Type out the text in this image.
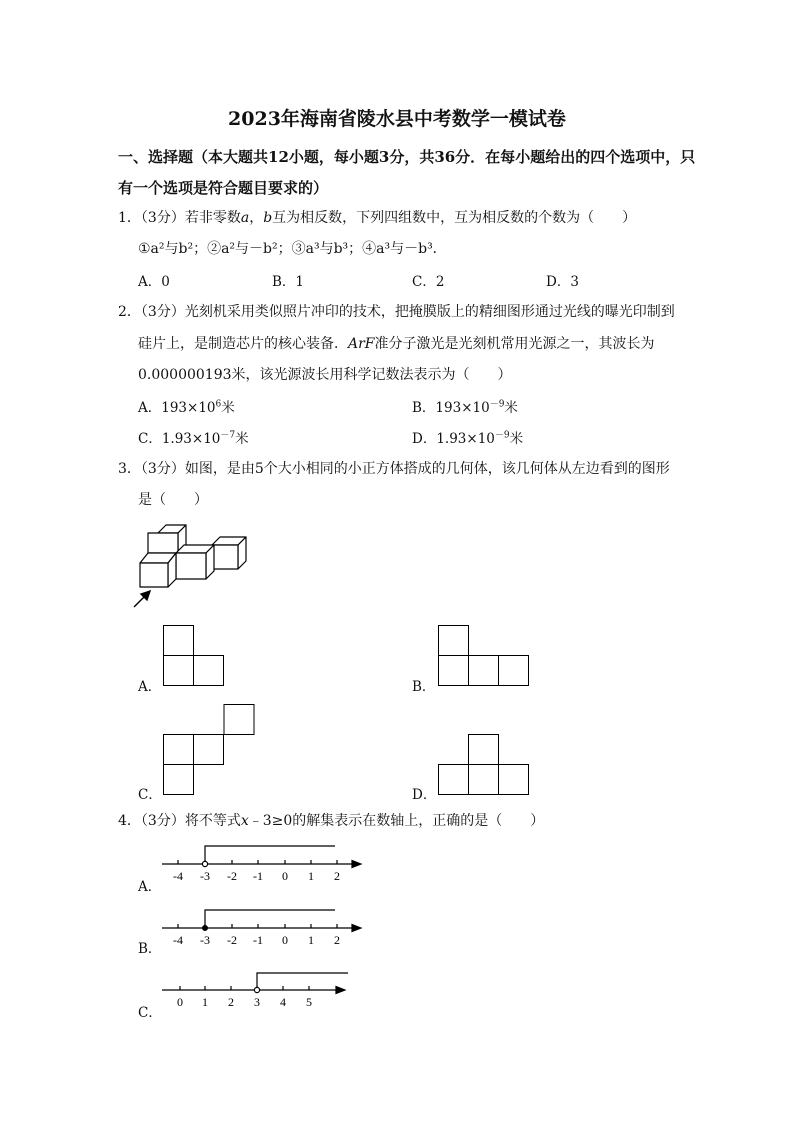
2023年海南省陵水县中考数学一模试卷
一、选择题（本大题共12小题，每小题3分，共36分．在每小题给出的四个选项中，只
有一个选项是符合题目要求的）
1．（3分）若非零数a，b互为相反数，下列四组数中，互为相反数的个数为（　　）
①a²与b²；②a²与－b²；③a³与b³；④a³与－b³．
A．0	B．1	C．2	D．3
2．（3分）光刻机采用类似照片冲印的技术，把掩膜版上的精细图形通过光线的曝光印制到
硅片上，是制造芯片的核心装备．ArF准分子激光是光刻机常用光源之一，其波长为
0.000000193米，该光源波长用科学记数法表示为（　　）
A．$193\times 10^6$米	B．$193\times 10^{-9}$米
C．$1.93\times 10^{-7}$米	D．$1.93\times 10^{-9}$米
3．（3分）如图，是由5个大小相同的小正方体搭成的几何体，该几何体从左边看到的图形
是（　　）
A．	B．
C．	D．
4．（3分）将不等式x﹣3≥0的解集表示在数轴上，正确的是（　　）
A．
-4 -3 -2 -1 0 1 2
B．
-4 -3 -2 -1 0 1 2
C．
0 1 2 3 4 5
